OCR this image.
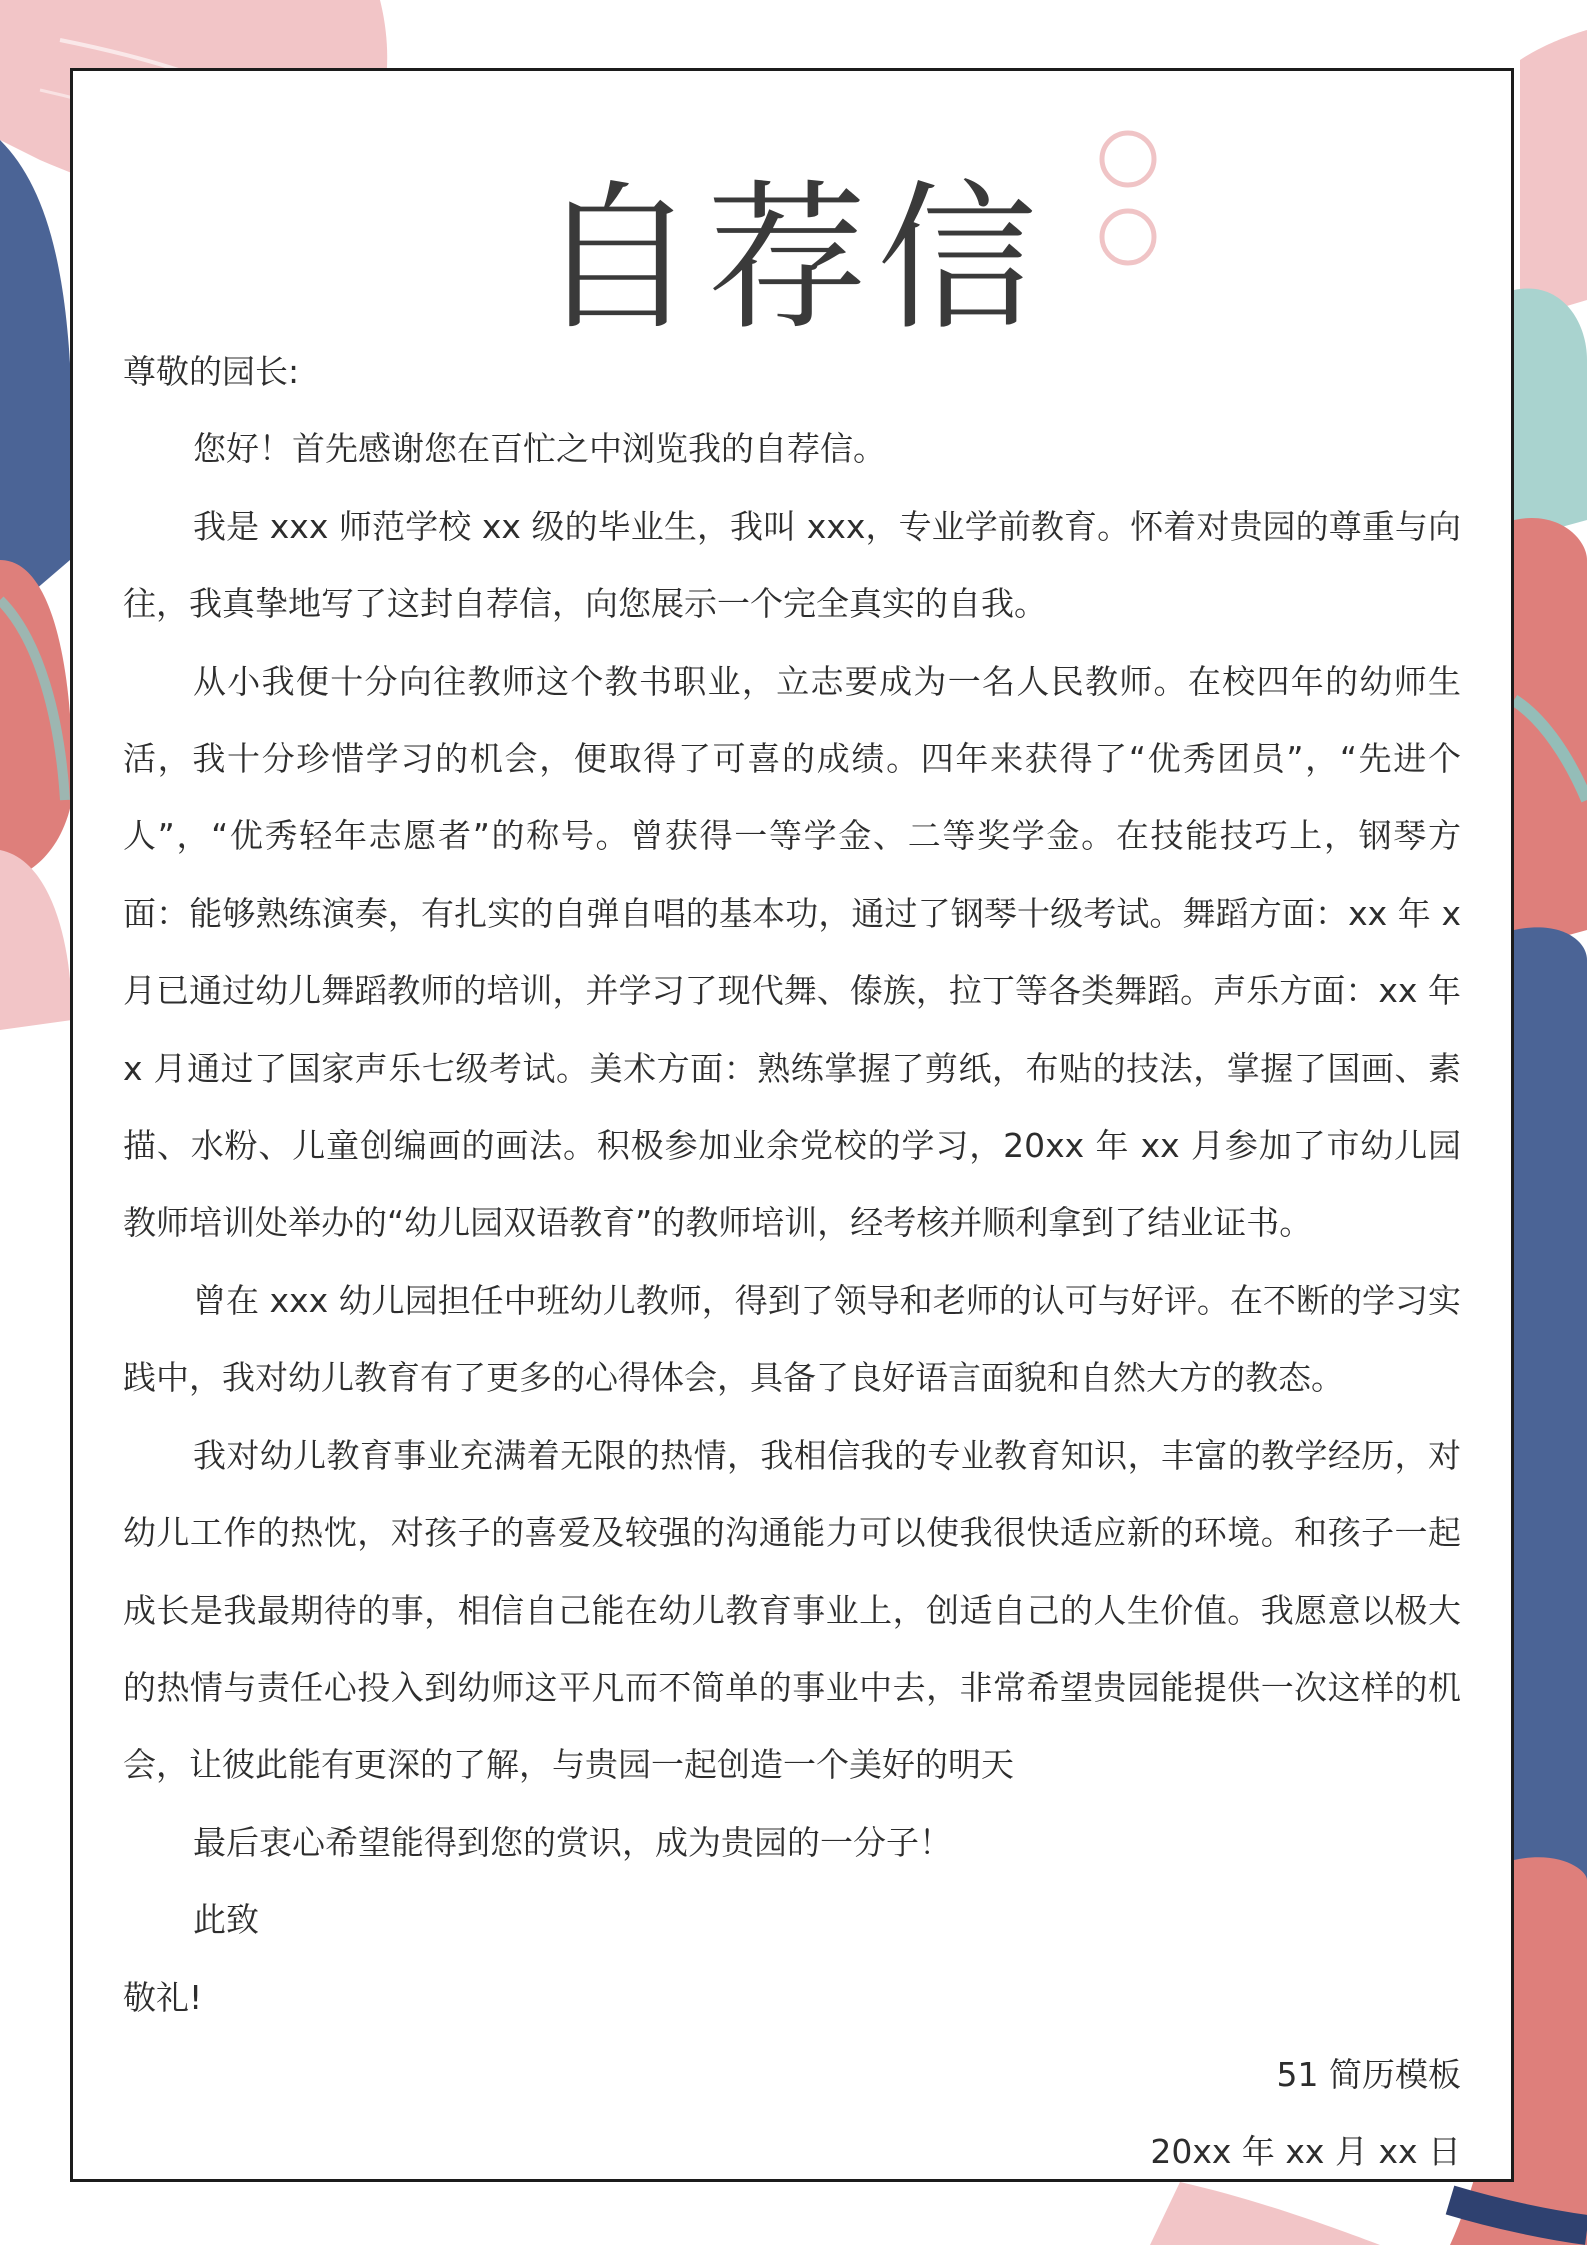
自荐信

尊敬的园长:

您好！首先感谢您在百忙之中浏览我的自荐信。

我是 xxx 师范学校 xx 级的毕业生，我叫 xxx，专业学前教育。怀着对贵园的尊重与向往，我真挚地写了这封自荐信，向您展示一个完全真实的自我。

从小我便十分向往教师这个教书职业，立志要成为一名人民教师。在校四年的幼师生活，我十分珍惜学习的机会，便取得了可喜的成绩。四年来获得了“优秀团员”，“先进个人”，“优秀轻年志愿者”的称号。曾获得一等学金、二等奖学金。在技能技巧上，钢琴方面：能够熟练演奏，有扎实的自弹自唱的基本功，通过了钢琴十级考试。舞蹈方面：xx 年 x 月已通过幼儿舞蹈教师的培训，并学习了现代舞、傣族，拉丁等各类舞蹈。声乐方面：xx 年 x 月通过了国家声乐七级考试。美术方面：熟练掌握了剪纸，布贴的技法，掌握了国画、素描、水粉、儿童创编画的画法。积极参加业余党校的学习，20xx 年 xx 月参加了市幼儿园教师培训处举办的“幼儿园双语教育”的教师培训，经考核并顺利拿到了结业证书。

曾在 xxx 幼儿园担任中班幼儿教师，得到了领导和老师的认可与好评。在不断的学习实践中，我对幼儿教育有了更多的心得体会，具备了良好语言面貌和自然大方的教态。

我对幼儿教育事业充满着无限的热情，我相信我的专业教育知识，丰富的教学经历，对幼儿工作的热忱，对孩子的喜爱及较强的沟通能力可以使我很快适应新的环境。和孩子一起成长是我最期待的事，相信自己能在幼儿教育事业上，创适自己的人生价值。我愿意以极大的热情与责任心投入到幼师这平凡而不简单的事业中去，非常希望贵园能提供一次这样的机会，让彼此能有更深的了解，与贵园一起创造一个美好的明天

最后衷心希望能得到您的赏识，成为贵园的一分子！

此致

敬礼!

51 简历模板

20xx 年 xx 月 xx 日
